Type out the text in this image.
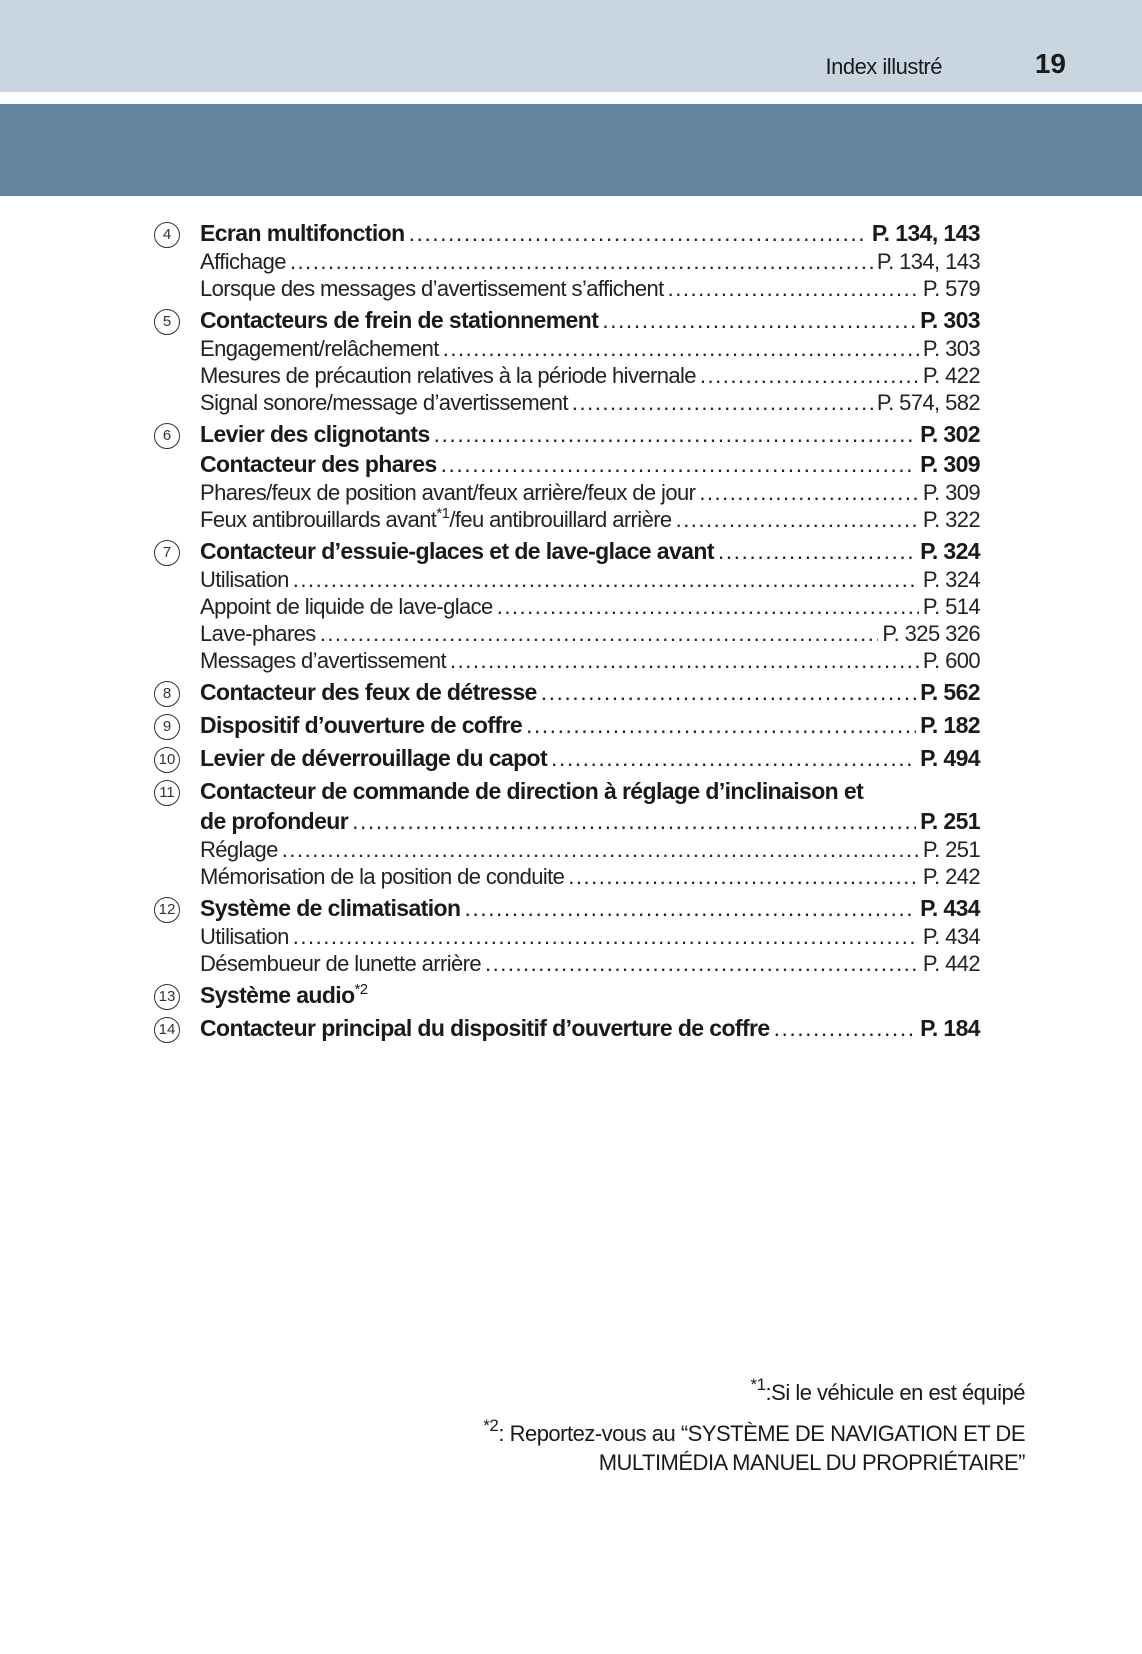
Index illustré	19
4	Ecran multifonction .....	P. 134, 143
Affichage .....	P. 134, 143
Lorsque des messages d’avertissement s’affichent .....	P. 579
5	Contacteurs de frein de stationnement .....	P. 303
Engagement/relâchement .....	P. 303
Mesures de précaution relatives à la période hivernale .....	P. 422
Signal sonore/message d’avertissement .....	P. 574, 582
6	Levier des clignotants .....	P. 302
Contacteur des phares .....	P. 309
Phares/feux de position avant/feux arrière/feux de jour .....	P. 309
Feux antibrouillards avant$^{*1}$/feu antibrouillard arrière .....	P. 322
7	Contacteur d’essuie-glaces et de lave-glace avant .....	P. 324
Utilisation .....	P. 324
Appoint de liquide de lave-glace .....	P. 514
Lave-phares .....	P. 325 326
Messages d’avertissement .....	P. 600
8	Contacteur des feux de détresse .....	P. 562
9	Dispositif d’ouverture de coffre .....	P. 182
10 Levier de déverrouillage du capot .....	P. 494
11 Contacteur de commande de direction à réglage d’inclinaison et
de profondeur .....	P. 251
Réglage .....	P. 251
Mémorisation de la position de conduite .....	P. 242
12 Système de climatisation .....	P. 434
Utilisation .....	P. 434
Désembueur de lunette arrière .....	P. 442
13 Système audio$^{*2}$
14 Contacteur principal du dispositif d’ouverture de coffre .....	P. 184
$^{*1}$:Si le véhicule en est équipé
$^{*2}$: Reportez-vous au “SYSTÈME DE NAVIGATION ET DE
MULTIMÉDIA MANUEL DU PROPRIÉTAIRE”
